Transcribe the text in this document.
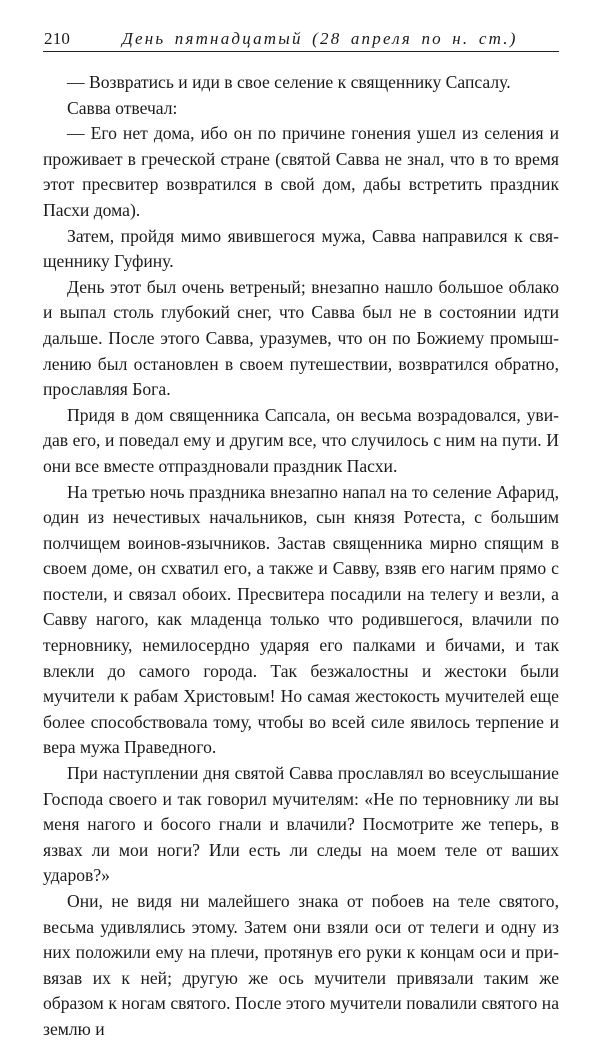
210	День пятнадцатый (28 апреля по н. ст.)

— Возвратись и иди в свое селение к священнику Сапсалу.

Савва отвечал:

— Его нет дома, ибо он по причине гонения ушел из селения и проживает в греческой стране (святой Савва не знал, что в то время этот пресвитер возвратился в свой дом, дабы встретить праздник Пасхи дома).

Затем, пройдя мимо явившегося мужа, Савва направился к священнику Гуфину.

День этот был очень ветреный; внезапно нашло большое облако и выпал столь глубокий снег, что Савва был не в состоянии идти дальше. После этого Савва, уразумев, что он по Божиему промышлению был остановлен в своем путешествии, возвратился обратно, прославляя Бога.

Придя в дом священника Сапсала, он весьма возрадовался, увидав его, и поведал ему и другим все, что случилось с ним на пути. И они все вместе отпраздновали праздник Пасхи.

На третью ночь праздника внезапно напал на то селение Афарид, один из нечестивых начальников, сын князя Ротеста, с большим полчищем воинов-язычников. Застав священника мирно спящим в своем доме, он схватил его, а также и Савву, взяв его нагим прямо с постели, и связал обоих. Пресвитера посадили на телегу и везли, а Савву нагого, как младенца только что родившегося, влачили по терновнику, немилосердно ударяя его палками и бичами, и так влекли до самого города. Так безжалостны и жестоки были мучители к рабам Христовым! Но самая жестокость мучителей еще более способствовала тому, чтобы во всей силе явилось терпение и вера мужа Праведного.

При наступлении дня святой Савва прославлял во всеуслышание Господа своего и так говорил мучителям: «Не по терновнику ли вы меня нагого и босого гнали и влачили? Посмотрите же теперь, в язвах ли мои ноги? Или есть ли следы на моем теле от ваших ударов?»

Они, не видя ни малейшего знака от побоев на теле святого, весьма удивлялись этому. Затем они взяли оси от телеги и одну из них положили ему на плечи, протянув его руки к концам оси и привязав их к ней; другую же ось мучители привязали таким же образом к ногам святого. После этого мучители повалили святого на землю и
